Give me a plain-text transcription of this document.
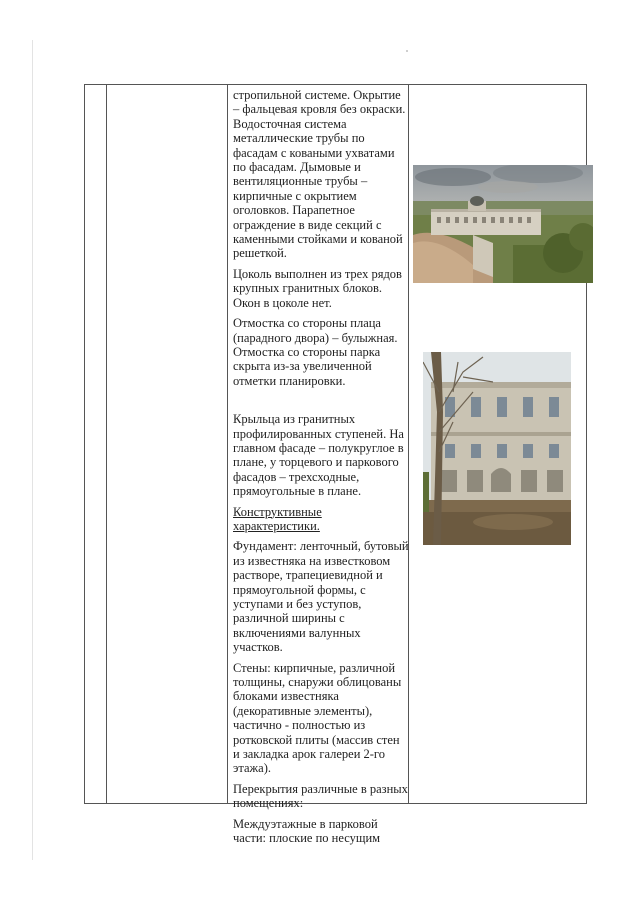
стропильной системе. Окрытие – фальцевая кровля без окраски. Водосточная система металлические трубы по фасадам с коваными ухватами по фасадам. Дымовые и вентиляционные трубы – кирпичные с окрытием оголовков. Парапетное ограждение в виде секций с каменными стойками и кованой решеткой.

Цоколь выполнен из трех рядов крупных гранитных блоков. Окон в цоколе нет.

Отмостка со стороны плаца (парадного двора) – булыжная. Отмостка со стороны парка скрыта из-за увеличенной отметки планировки.

Крыльца из гранитных профилированных ступеней. На главном фасаде – полукруглое в плане, у торцевого и паркового фасадов – трехсходные, прямоугольные в плане.

Конструктивные характеристики.

Фундамент: ленточный, бутовый из известняка на известковом растворе, трапециевидной и прямоугольной формы, с уступами и без уступов, различной ширины с включениями валунных участков.

Стены: кирпичные, различной толщины, снаружи облицованы блоками известняка (декоративные элементы), частично - полностью из ротковской плиты (массив стен и закладка арок галереи 2-го этажа).

Перекрытия различные в разных помещениях:

Междуэтажные в парковой части: плоские по несущим
